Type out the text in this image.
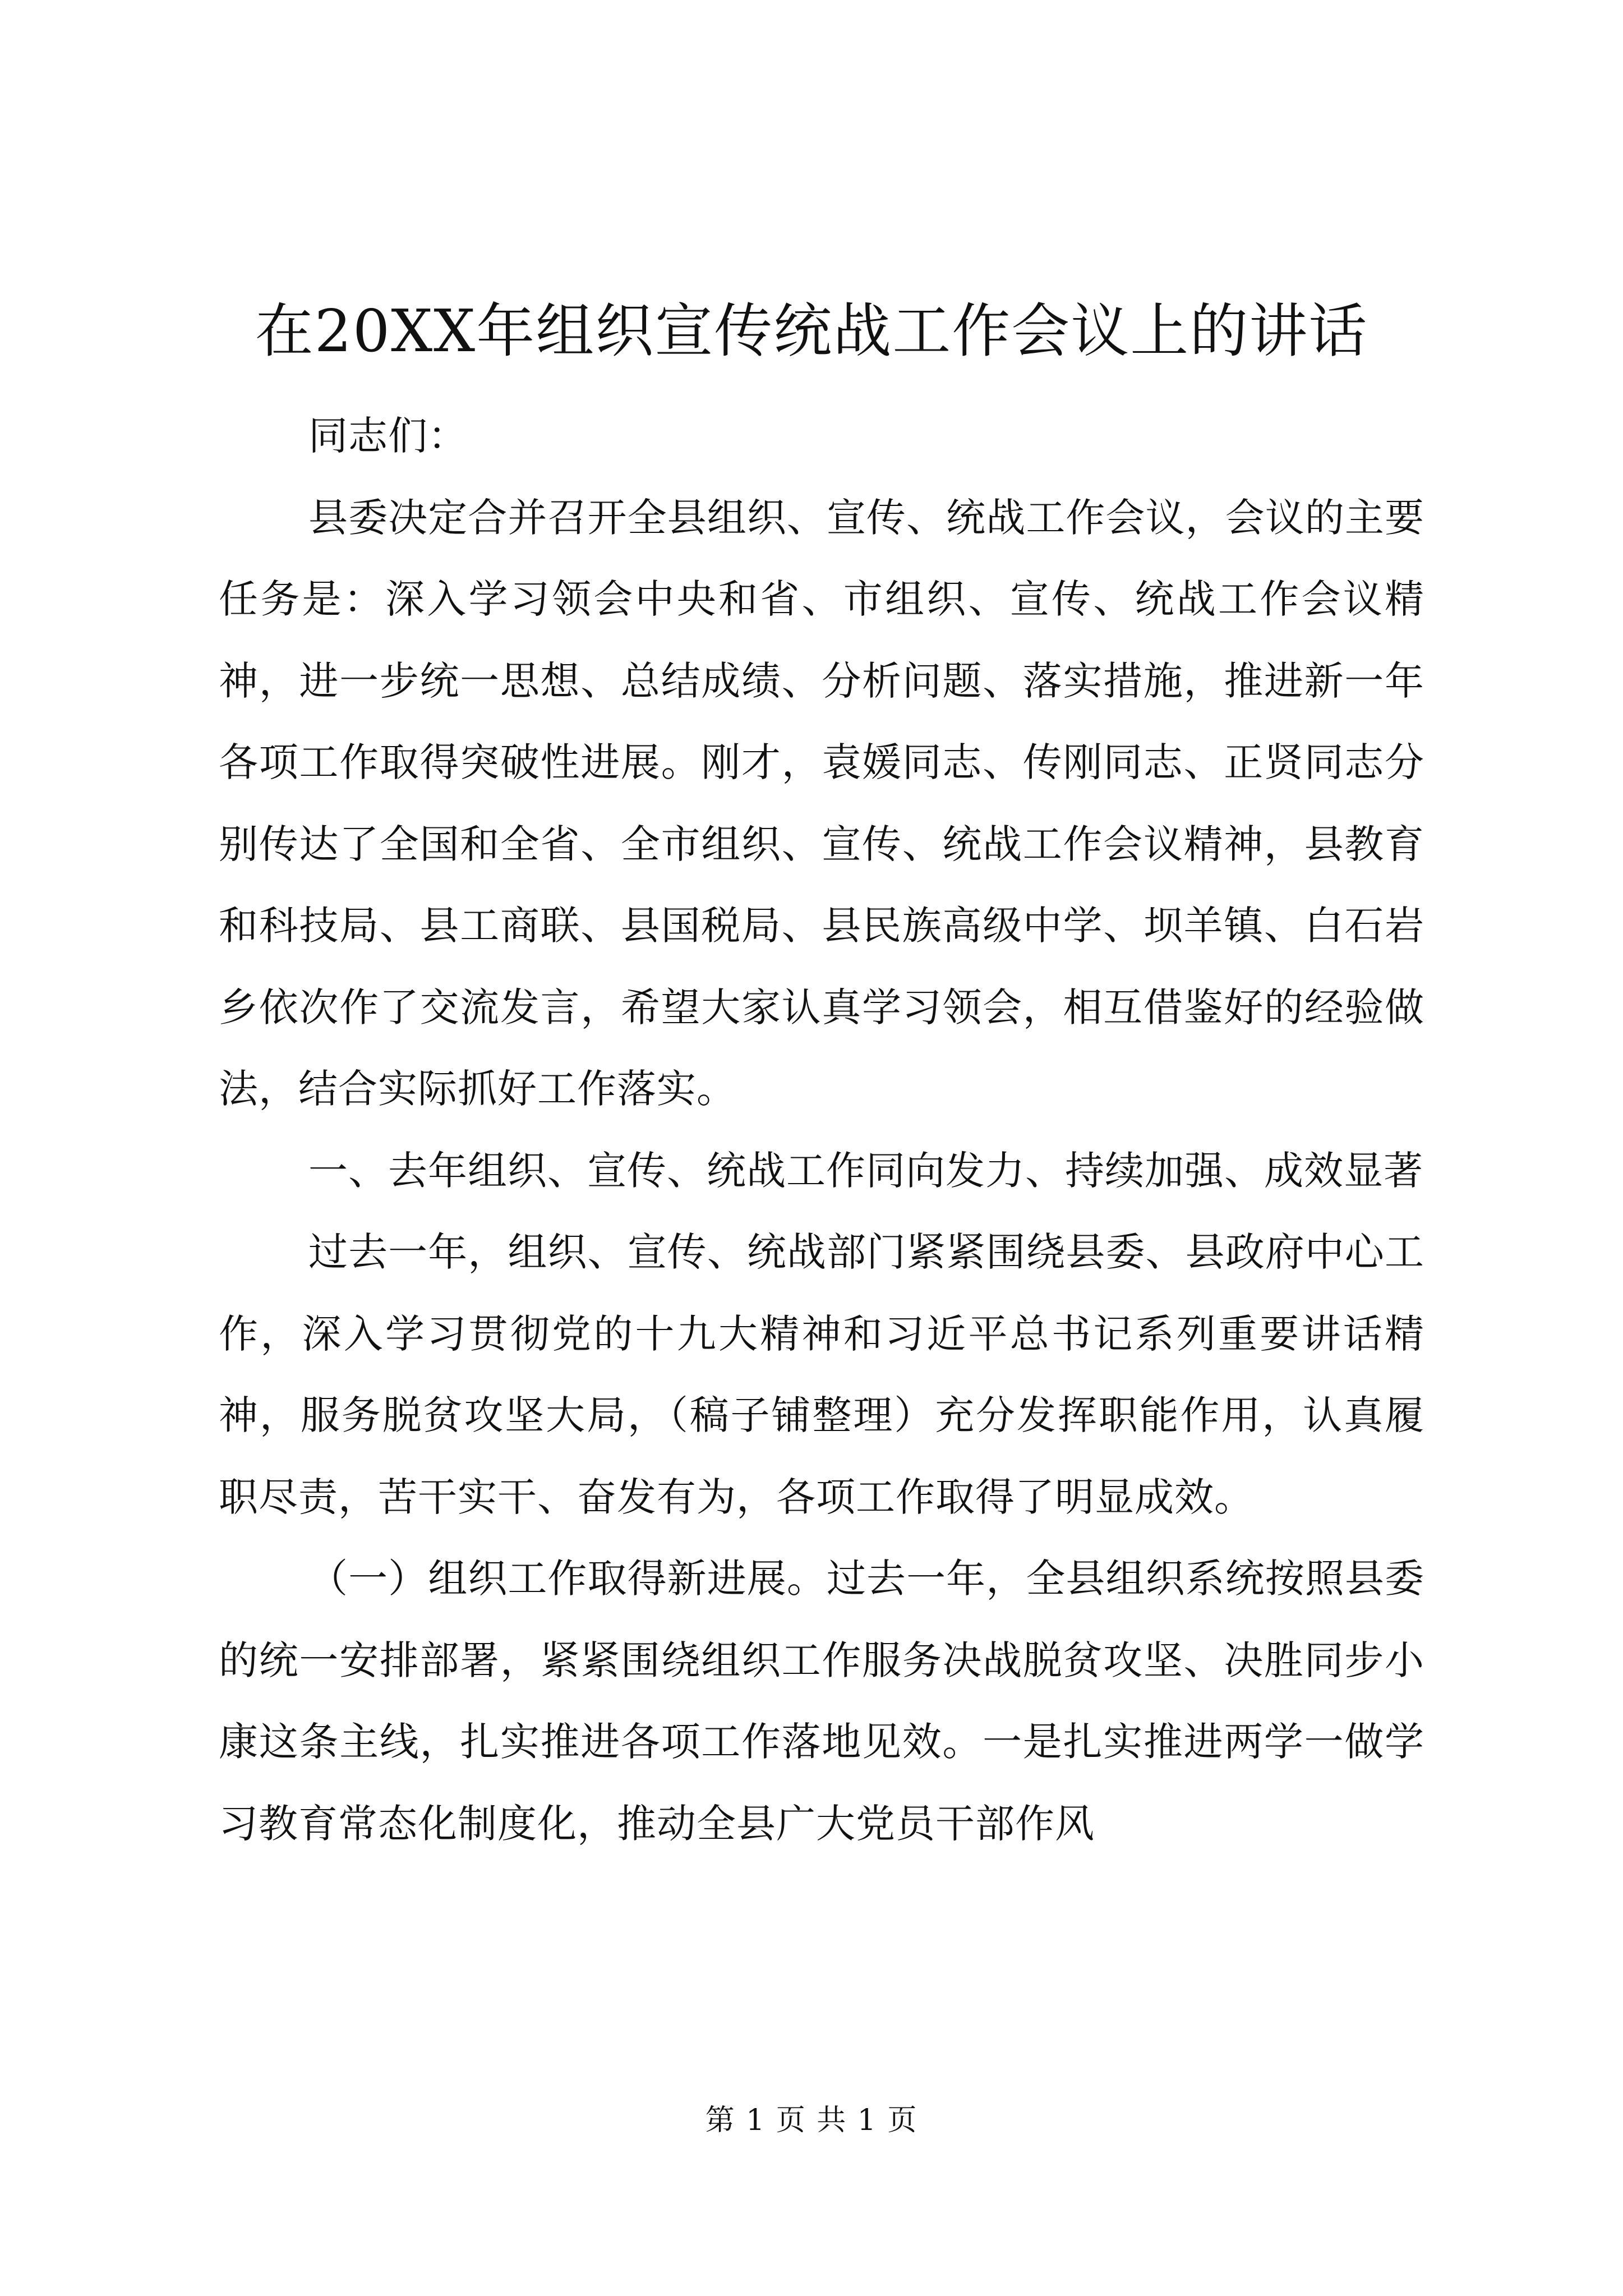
在20XX年组织宣传统战工作会议上的讲话

同志们：

县委决定合并召开全县组织、宣传、统战工作会议，会议的主要任务是：深入学习领会中央和省、市组织、宣传、统战工作会议精神，进一步统一思想、总结成绩、分析问题、落实措施，推进新一年各项工作取得突破性进展。刚才，袁媛同志、传刚同志、正贤同志分别传达了全国和全省、全市组织、宣传、统战工作会议精神，县教育和科技局、县工商联、县国税局、县民族高级中学、坝羊镇、白石岩乡依次作了交流发言，希望大家认真学习领会，相互借鉴好的经验做法，结合实际抓好工作落实。

一、去年组织、宣传、统战工作同向发力、持续加强、成效显著

过去一年，组织、宣传、统战部门紧紧围绕县委、县政府中心工作，深入学习贯彻党的十九大精神和习近平总书记系列重要讲话精神，服务脱贫攻坚大局，（稿子铺整理）充分发挥职能作用，认真履职尽责，苦干实干、奋发有为，各项工作取得了明显成效。

（一）组织工作取得新进展。过去一年，全县组织系统按照县委的统一安排部署，紧紧围绕组织工作服务决战脱贫攻坚、决胜同步小康这条主线，扎实推进各项工作落地见效。一是扎实推进两学一做学习教育常态化制度化，推动全县广大党员干部作风

第 1 页 共 1 页
